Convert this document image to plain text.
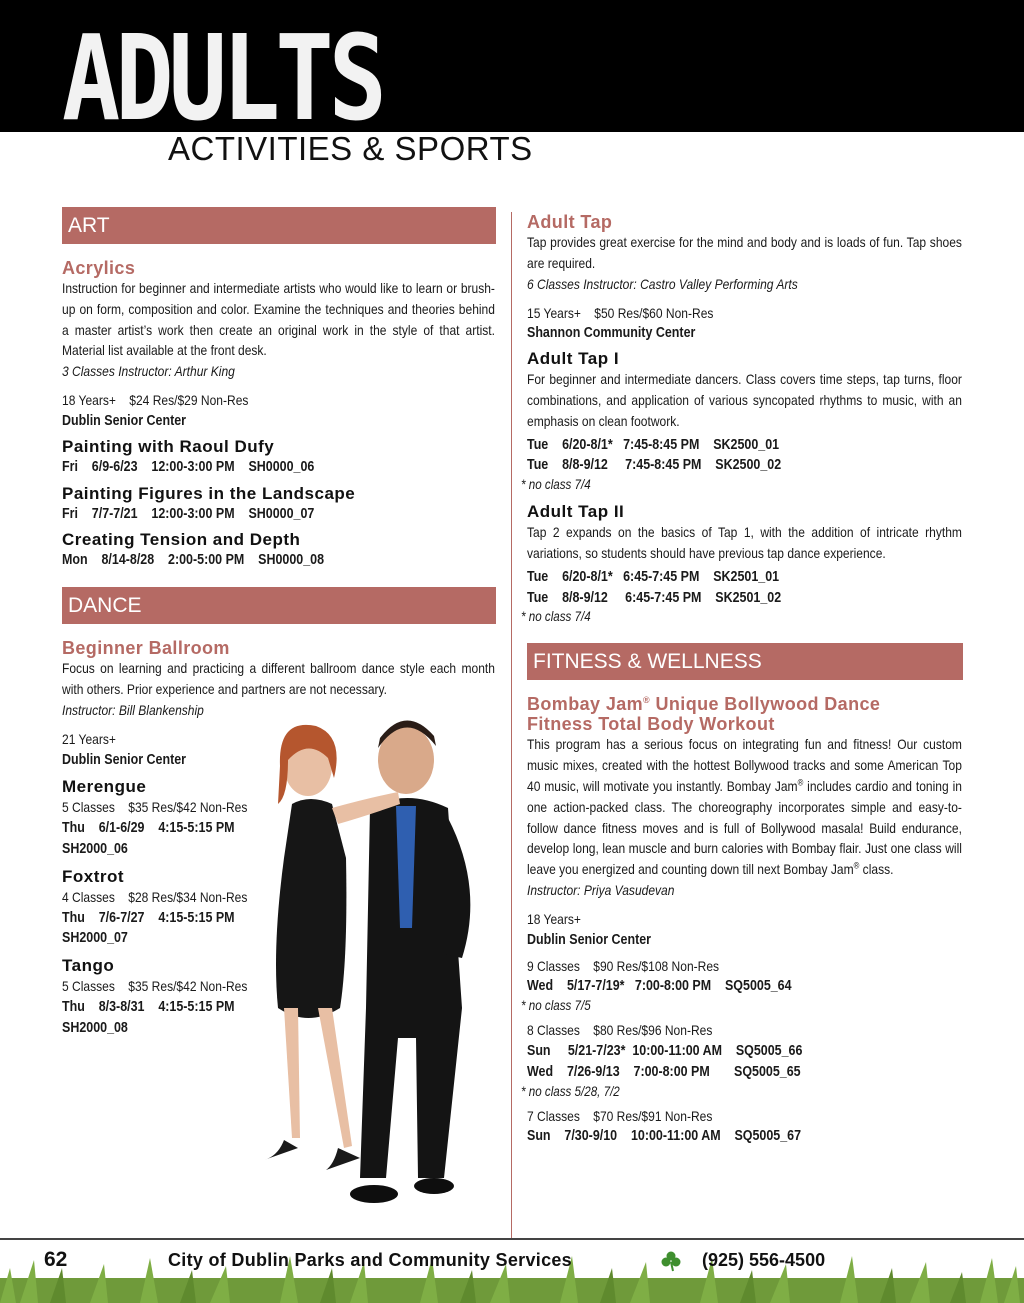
ADULTS
ACTIVITIES & SPORTS
ART
Acrylics
Instruction for beginner and intermediate artists who would like to learn or brush-up on form, composition and color. Examine the techniques and theories behind a master artist’s work then create an original work in the style of that artist. Material list available at the front desk.
3 Classes Instructor: Arthur King
18 Years+    $24 Res/$29 Non-Res
Dublin Senior Center
Painting with Raoul Dufy
Fri    6/9-6/23    12:00-3:00 PM    SH0000_06
Painting Figures in the Landscape
Fri    7/7-7/21    12:00-3:00 PM    SH0000_07
Creating Tension and Depth
Mon    8/14-8/28    2:00-5:00 PM    SH0000_08
DANCE
Beginner Ballroom
Focus on learning and practicing a different ballroom dance style each month with others. Prior experience and partners are not necessary.
Instructor: Bill Blankenship
21 Years+
Dublin Senior Center
Merengue
5 Classes    $35 Res/$42 Non-Res
Thu    6/1-6/29    4:15-5:15 PM
SH2000_06
Foxtrot
4 Classes    $28 Res/$34 Non-Res
Thu    7/6-7/27    4:15-5:15 PM
SH2000_07
Tango
5 Classes    $35 Res/$42 Non-Res
Thu    8/3-8/31    4:15-5:15 PM
SH2000_08
Adult Tap
Tap provides great exercise for the mind and body and is loads of fun. Tap shoes are required.
6 Classes Instructor: Castro Valley Performing Arts
15 Years+    $50 Res/$60 Non-Res
Shannon Community Center
Adult Tap I
For beginner and intermediate dancers. Class covers time steps, tap turns, floor combinations, and application of various syncopated rhythms to music, with an emphasis on clean footwork.
Tue    6/20-8/1*   7:45-8:45 PM    SK2500_01
Tue    8/8-9/12     7:45-8:45 PM    SK2500_02
* no class 7/4
Adult Tap II
Tap 2 expands on the basics of Tap 1, with the addition of intricate rhythm variations, so students should have previous tap dance experience.
Tue    6/20-8/1*   6:45-7:45 PM    SK2501_01
Tue    8/8-9/12     6:45-7:45 PM    SK2501_02
* no class 7/4
FITNESS & WELLNESS
Bombay Jam® Unique Bollywood Dance
Fitness Total Body Workout
This program has a serious focus on integrating fun and fitness! Our custom music mixes, created with the hottest Bollywood tracks and some American Top 40 music, will motivate you instantly. Bombay Jam® includes cardio and toning in one action-packed class. The choreography incorporates simple and easy-to-follow dance fitness moves and is full of Bollywood masala! Build endurance, develop long, lean muscle and burn calories with Bombay flair. Just one class will leave you energized and counting down till next Bombay Jam® class.
Instructor: Priya Vasudevan
18 Years+
Dublin Senior Center
9 Classes    $90 Res/$108 Non-Res
Wed    5/17-7/19*   7:00-8:00 PM    SQ5005_64
* no class 7/5
8 Classes    $80 Res/$96 Non-Res
Sun     5/21-7/23*  10:00-11:00 AM    SQ5005_66
Wed    7/26-9/13    7:00-8:00 PM       SQ5005_65
* no class 5/28, 7/2
7 Classes    $70 Res/$91 Non-Res
Sun    7/30-9/10    10:00-11:00 AM    SQ5005_67
62	City of Dublin Parks and Community Services	(925) 556-4500
